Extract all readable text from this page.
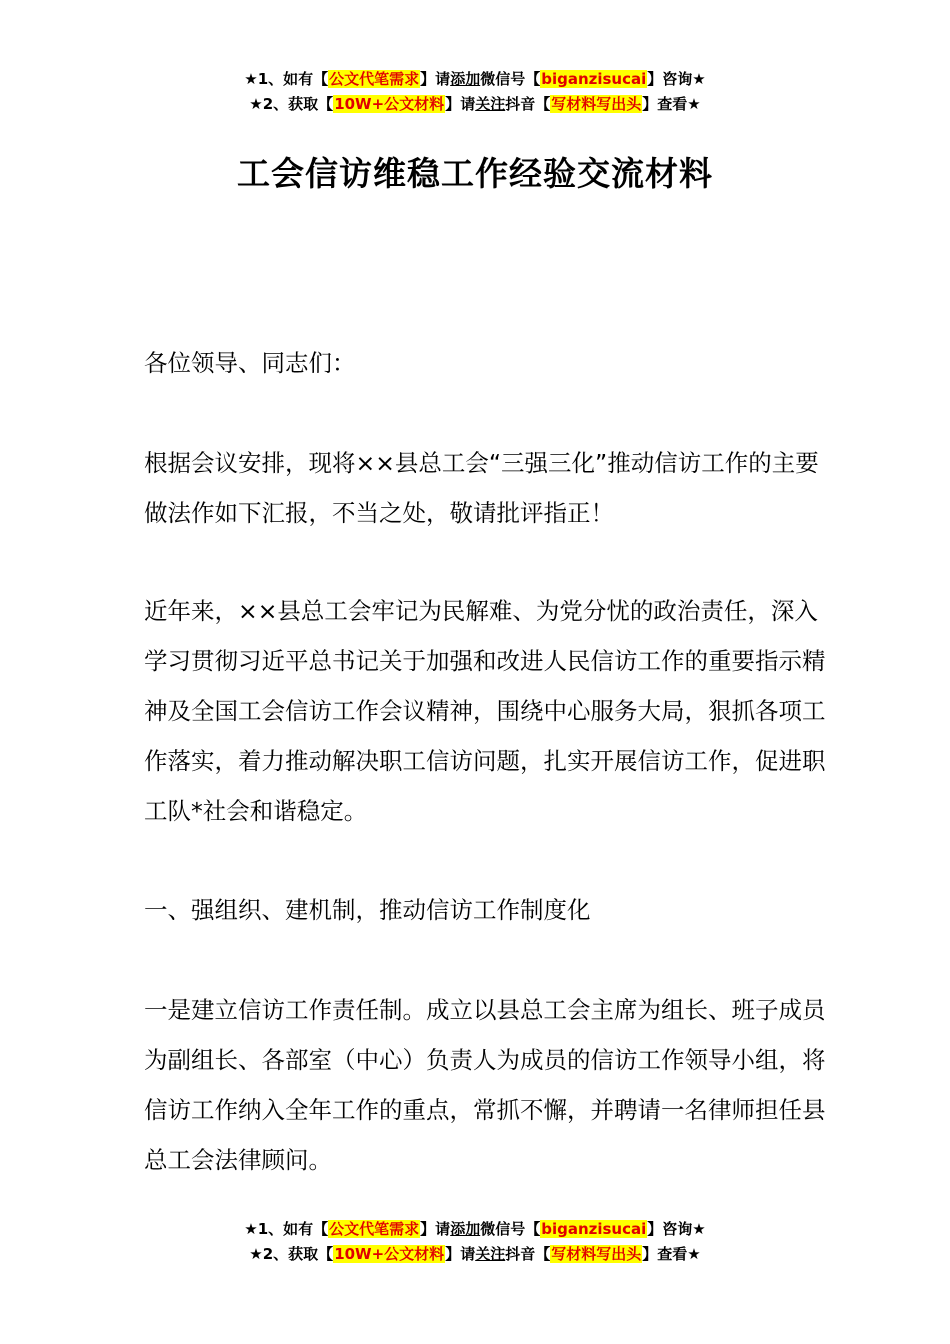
★1、如有【公文代笔需求】请添加微信号【biganzisucai】咨询★
★2、获取【10W+公文材料】请关注抖音【写材料写出头】查看★
工会信访维稳工作经验交流材料

各位领导、同志们：

根据会议安排，现将××县总工会“三强三化”推动信访工作的主要做法作如下汇报，不当之处，敬请批评指正！

近年来，××县总工会牢记为民解难、为党分忧的政治责任，深入学习贯彻习近平总书记关于加强和改进人民信访工作的重要指示精神及全国工会信访工作会议精神，围绕中心服务大局，狠抓各项工作落实，着力推动解决职工信访问题，扎实开展信访工作，促进职工队*社会和谐稳定。

一、强组织、建机制，推动信访工作制度化

一是建立信访工作责任制。成立以县总工会主席为组长、班子成员为副组长、各部室（中心）负责人为成员的信访工作领导小组，将信访工作纳入全年工作的重点，常抓不懈，并聘请一名律师担任县总工会法律顾问。

★1、如有【公文代笔需求】请添加微信号【biganzisucai】咨询★
★2、获取【10W+公文材料】请关注抖音【写材料写出头】查看★
